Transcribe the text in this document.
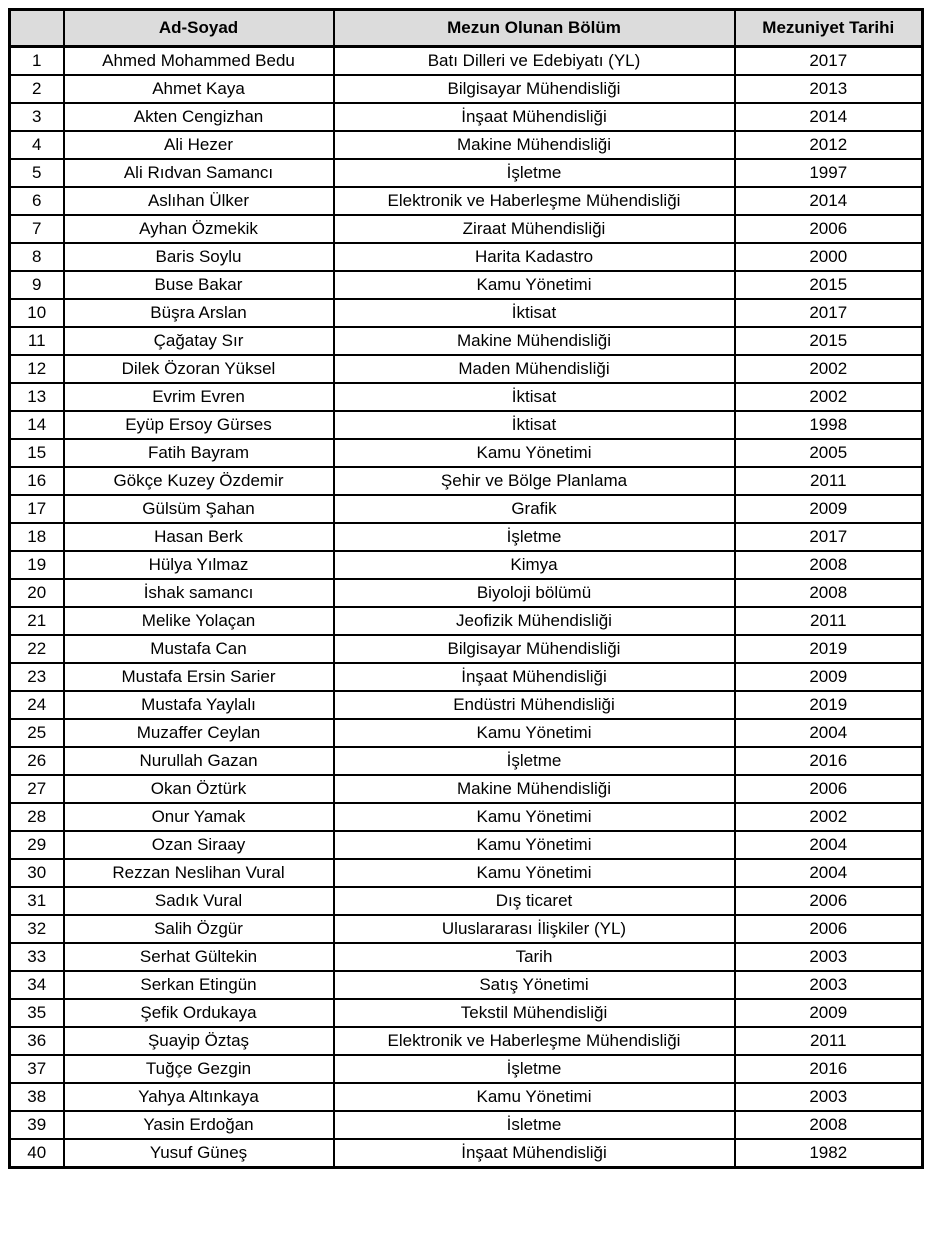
	Ad-Soyad	Mezun Olunan Bölüm	Mezuniyet Tarihi
1	Ahmed Mohammed Bedu	Batı Dilleri ve Edebiyatı (YL)	2017
2	Ahmet Kaya	Bilgisayar Mühendisliği	2013
3	Akten Cengizhan	İnşaat Mühendisliği	2014
4	Ali Hezer	Makine Mühendisliği	2012
5	Ali Rıdvan Samancı	İşletme	1997
6	Aslıhan Ülker	Elektronik ve Haberleşme Mühendisliği	2014
7	Ayhan Özmekik	Ziraat Mühendisliği	2006
8	Baris Soylu	Harita Kadastro	2000
9	Buse Bakar	Kamu Yönetimi	2015
10	Büşra Arslan	İktisat	2017
11	Çağatay Sır	Makine Mühendisliği	2015
12	Dilek Özoran Yüksel	Maden Mühendisliği	2002
13	Evrim Evren	İktisat	2002
14	Eyüp Ersoy Gürses	İktisat	1998
15	Fatih Bayram	Kamu Yönetimi	2005
16	Gökçe Kuzey Özdemir	Şehir ve Bölge Planlama	2011
17	Gülsüm Şahan	Grafik	2009
18	Hasan Berk	İşletme	2017
19	Hülya Yılmaz	Kimya	2008
20	İshak samancı	Biyoloji bölümü	2008
21	Melike Yolaçan	Jeofizik Mühendisliği	2011
22	Mustafa Can	Bilgisayar Mühendisliği	2019
23	Mustafa Ersin Sarier	İnşaat Mühendisliği	2009
24	Mustafa Yaylalı	Endüstri Mühendisliği	2019
25	Muzaffer Ceylan	Kamu Yönetimi	2004
26	Nurullah Gazan	İşletme	2016
27	Okan Öztürk	Makine Mühendisliği	2006
28	Onur Yamak	Kamu Yönetimi	2002
29	Ozan Siraay	Kamu Yönetimi	2004
30	Rezzan Neslihan Vural	Kamu Yönetimi	2004
31	Sadık Vural	Dış ticaret	2006
32	Salih Özgür	Uluslararası İlişkiler (YL)	2006
33	Serhat Gültekin	Tarih	2003
34	Serkan Etingün	Satış Yönetimi	2003
35	Şefik Ordukaya	Tekstil Mühendisliği	2009
36	Şuayip Öztaş	Elektronik ve Haberleşme Mühendisliği	2011
37	Tuğçe Gezgin	İşletme	2016
38	Yahya Altınkaya	Kamu Yönetimi	2003
39	Yasin Erdoğan	İsletme	2008
40	Yusuf Güneş	İnşaat Mühendisliği	1982
